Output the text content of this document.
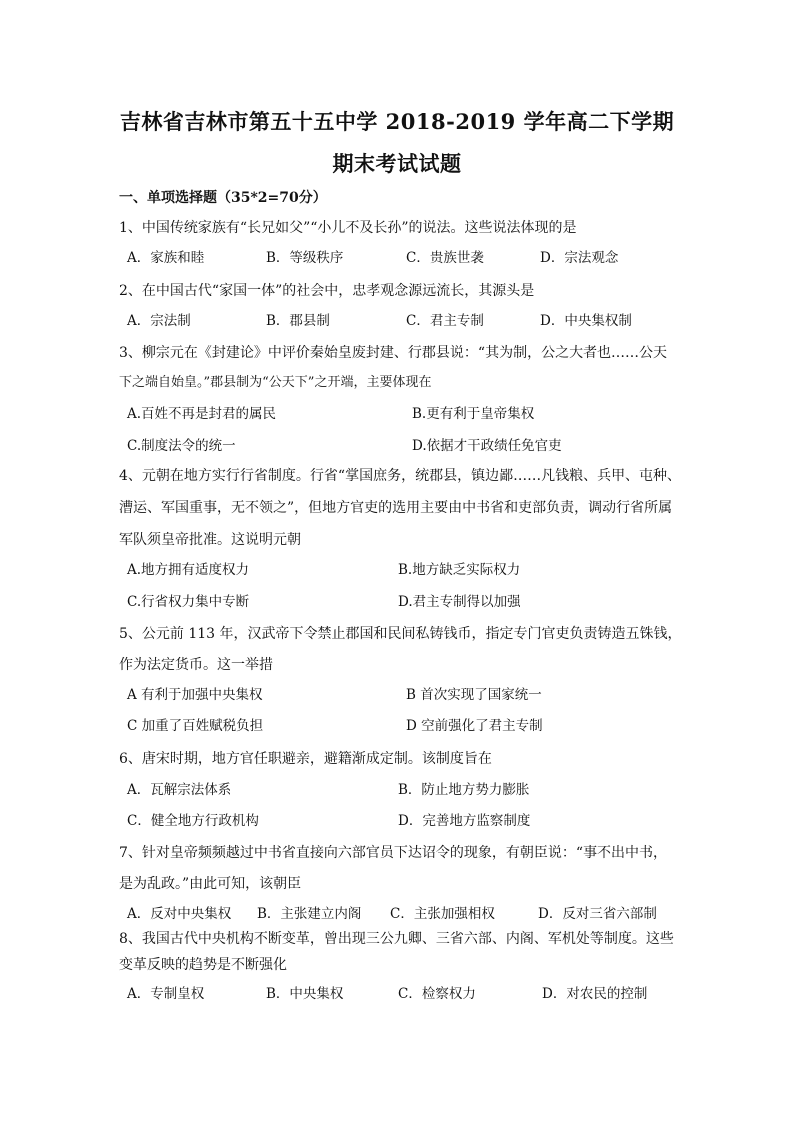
吉林省吉林市第五十五中学 2018-2019 学年高二下学期
期末考试试题
一、单项选择题（35*2=70分）
1、中国传统家族有“长兄如父”“小儿不及长孙”的说法。这些说法体现的是
A．家族和睦	B．等级秩序	C．贵族世袭	D．宗法观念
2、在中国古代“家国一体”的社会中，忠孝观念源远流长，其源头是
A．宗法制	B．郡县制	C．君主专制	D．中央集权制
3、柳宗元在《封建论》中评价秦始皇废封建、行郡县说：“其为制，公之大者也……公天
下之端自始皇。”郡县制为“公天下”之开端，主要体现在
A.百姓不再是封君的属民	B.更有利于皇帝集权
C.制度法令的统一	D.依据才干政绩任免官吏
4、元朝在地方实行行省制度。行省“掌国庶务，统郡县，镇边鄙……凡钱粮、兵甲、屯种、
漕运、军国重事，无不领之”，但地方官吏的选用主要由中书省和吏部负责，调动行省所属
军队须皇帝批准。这说明元朝
A.地方拥有适度权力	B.地方缺乏实际权力
C.行省权力集中专断	D.君主专制得以加强
5、公元前 113 年，汉武帝下令禁止郡国和民间私铸钱币，指定专门官吏负责铸造五铢钱，
作为法定货币。这一举措
A 有利于加强中央集权	B 首次实现了国家统一
C 加重了百姓赋税负担	D 空前强化了君主专制
6、唐宋时期，地方官任职避亲，避籍渐成定制。该制度旨在
A．瓦解宗法体系	B．防止地方势力膨胀
C．健全地方行政机构	D．完善地方监察制度
7、针对皇帝频频越过中书省直接向六部官员下达诏令的现象，有朝臣说：“事不出中书，
是为乱政。”由此可知，该朝臣
A．反对中央集权 B．主张建立内阁 C．主张加强相权	D．反对三省六部制
8、我国古代中央机构不断变革，曾出现三公九卿、三省六部、内阁、军机处等制度。这些
变革反映的趋势是不断强化
A．专制皇权	B．中央集权	C．检察权力	D．对农民的控制
